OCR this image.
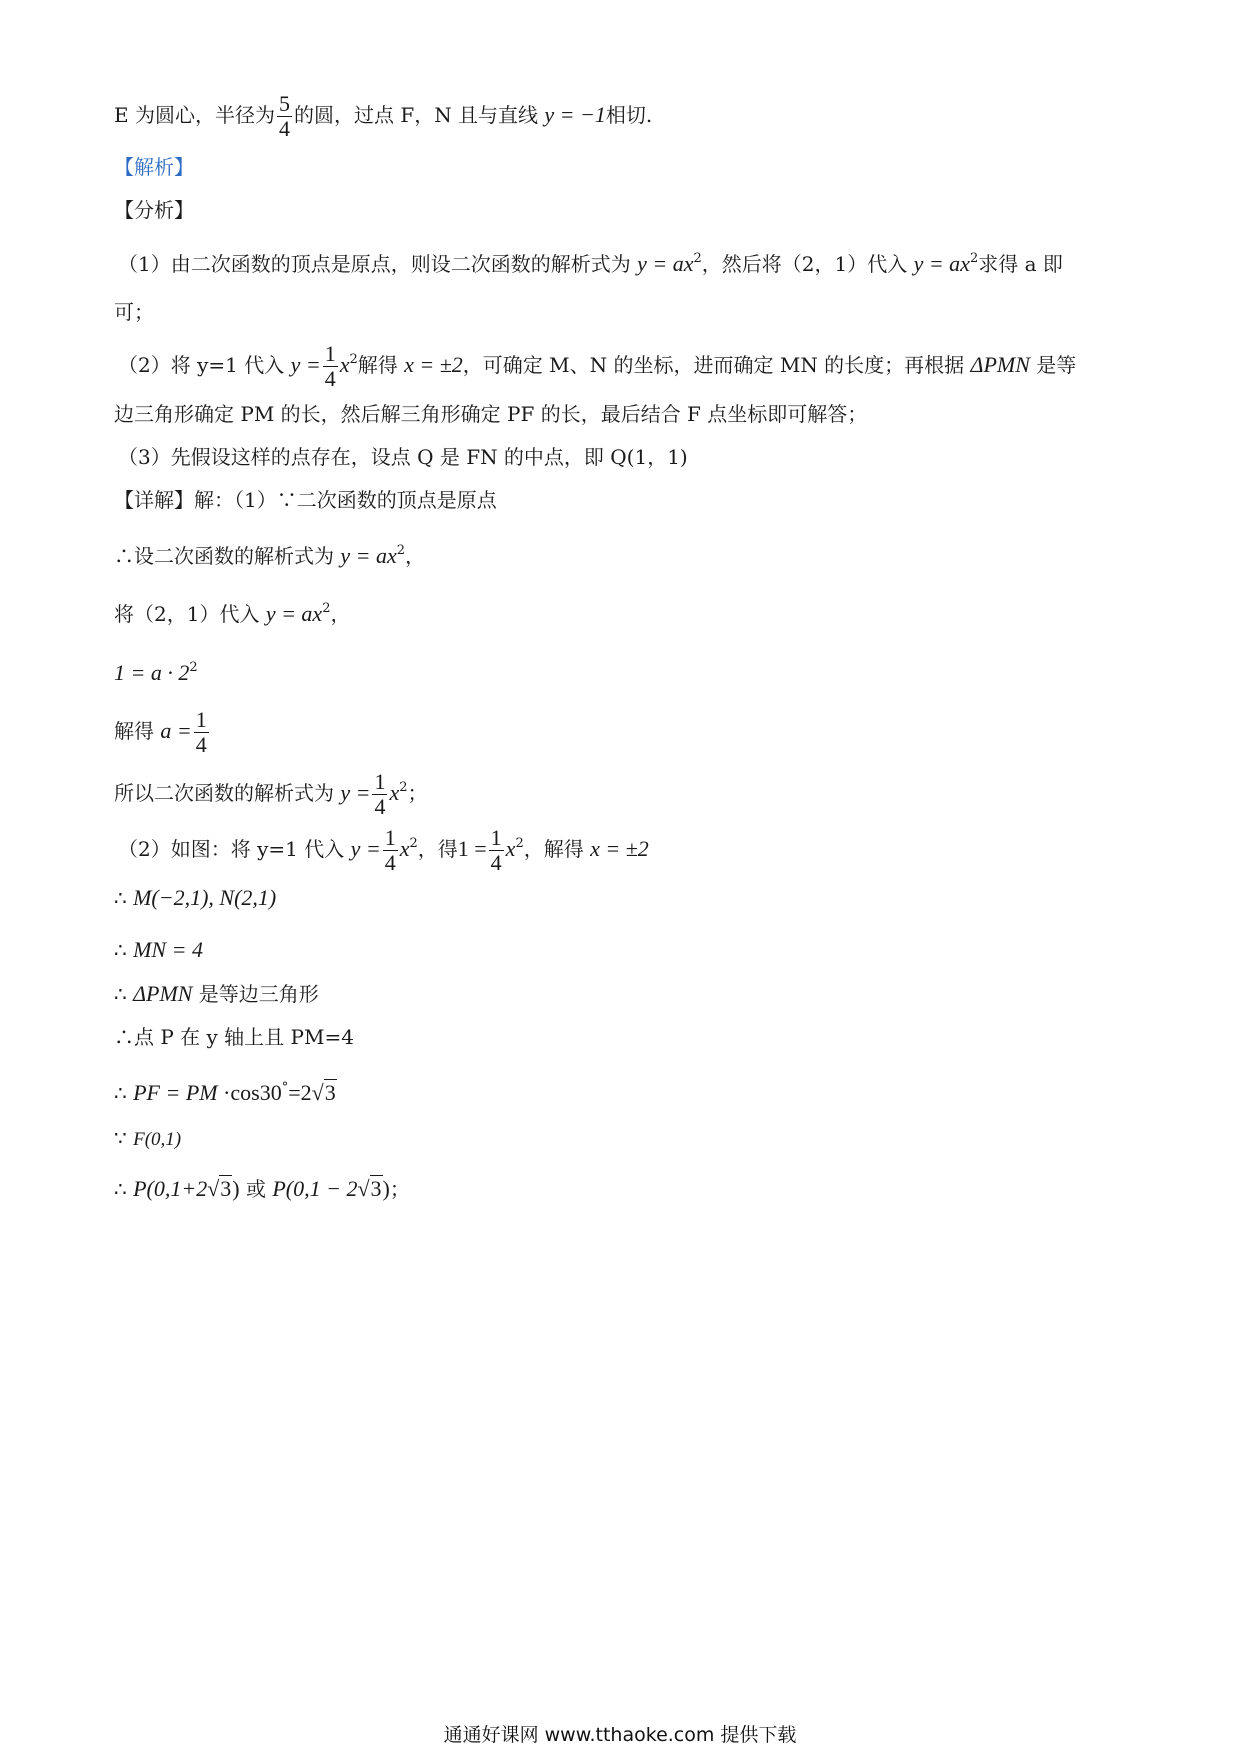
E 为圆心，半径为 $\frac{5}{4}$ 的圆，过点 F，N 且与直线 y = −1相切.
【解析】
【分析】
（1）由二次函数的顶点是原点，则设二次函数的解析式为 $y = ax^2$，然后将（2，1）代入 $y = ax^2$求得 a 即
可；
（2）将 y=1 代入 $y = \frac{1}{4} x^2$解得 x = ±2，可确定 M、N 的坐标，进而确定 MN 的长度；再根据 ΔPMN 是等
边三角形确定 PM 的长，然后解三角形确定 PF 的长，最后结合 F 点坐标即可解答；
（3）先假设这样的点存在，设点 Q 是 FN 的中点，即 Q(1，1)
【详解】解：（1）∵二次函数的顶点是原点
∴设二次函数的解析式为 $y = ax^2$，
将（2，1）代入 $y = ax^2$，
$1 = a \cdot 2^2$
解得 $a = \frac{1}{4}$
所以二次函数的解析式为 $y = \frac{1}{4} x^2$；
（2）如图：将 y=1 代入 $y = \frac{1}{4} x^2$，得$1 = \frac{1}{4} x^2$，解得 x = ±2
∴ M(−2,1), N(2,1)
∴ MN = 4
∴ ΔPMN 是等边三角形
∴点 P 在 y 轴上且 PM=4
∴ PF = PM ·cos30°=2√3
∵ F(0,1)
∴ P(0,1+2√3) 或 P(0,1 − 2√3)；
通通好课网 www.tthaoke.com 提供下载
